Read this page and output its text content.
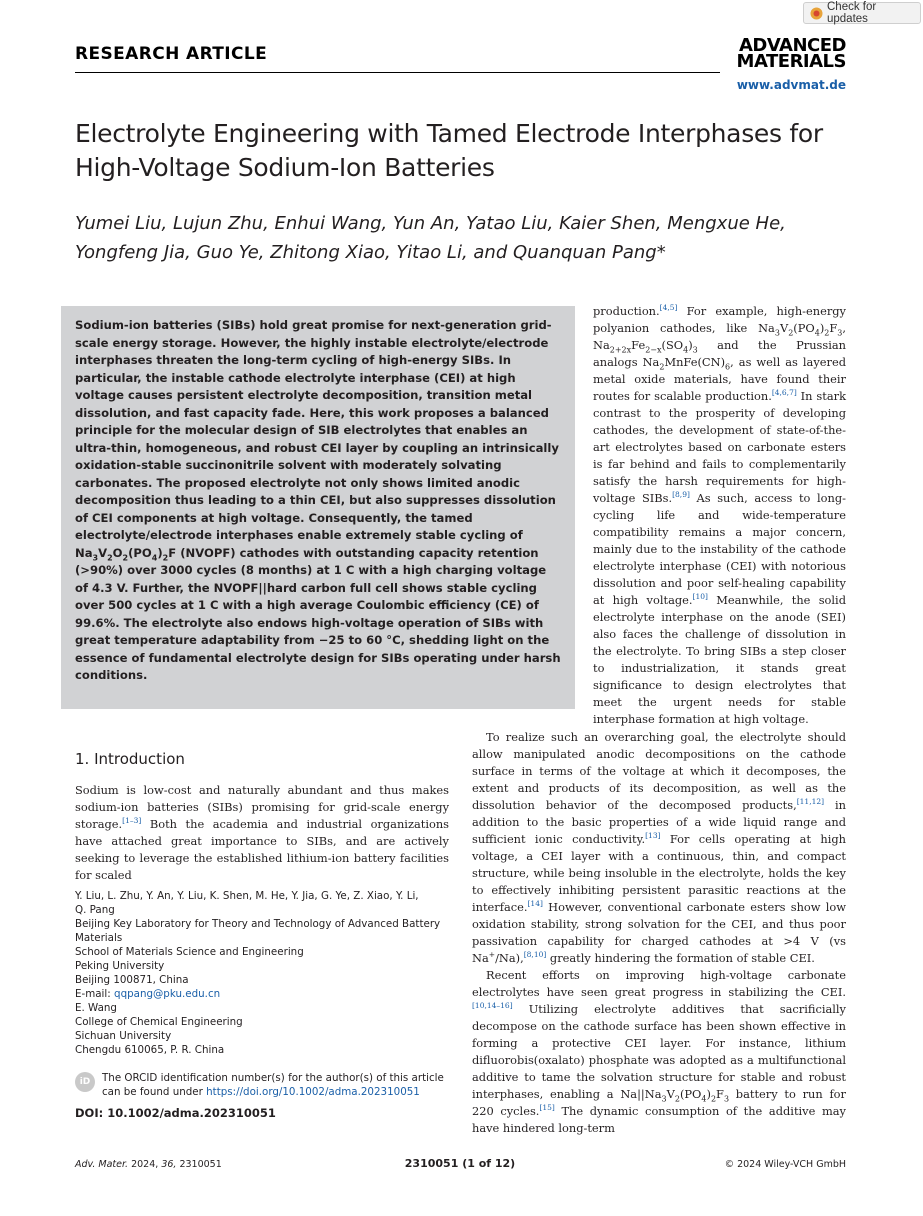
Check for updates
RESEARCH ARTICLE	ADVANCED
MATERIALS
www.advmat.de
Electrolyte Engineering with Tamed Electrode Interphases for High-Voltage Sodium-Ion Batteries
Yumei Liu, Lujun Zhu, Enhui Wang, Yun An, Yatao Liu, Kaier Shen, Mengxue He,
Yongfeng Jia, Guo Ye, Zhitong Xiao, Yitao Li, and Quanquan Pang*
Sodium-ion batteries (SIBs) hold great promise for next-generation grid-scale energy storage. However, the highly instable electrolyte/electrode interphases threaten the long-term cycling of high-energy SIBs. In particular, the instable cathode electrolyte interphase (CEI) at high voltage causes persistent electrolyte decomposition, transition metal dissolution, and fast capacity fade. Here, this work proposes a balanced principle for the molecular design of SIB electrolytes that enables an ultra-thin, homogeneous, and robust CEI layer by coupling an intrinsically oxidation-stable succinonitrile solvent with moderately solvating carbonates. The proposed electrolyte not only shows limited anodic decomposition thus leading to a thin CEI, but also suppresses dissolution of CEI components at high voltage. Consequently, the tamed electrolyte/electrode interphases enable extremely stable cycling of $Na_3V_2O_2(PO_4)_2F$ (NVOPF) cathodes with outstanding capacity retention (>90%) over 3000 cycles (8 months) at 1 C with a high charging voltage of 4.3 V. Further, the NVOPF||hard carbon full cell shows stable cycling over 500 cycles at 1 C with a high average Coulombic efficiency (CE) of 99.6%. The electrolyte also endows high-voltage operation of SIBs with great temperature adaptability from −25 to 60 °C, shedding light on the essence of fundamental electrolyte design for SIBs operating under harsh conditions.
production.[4,5] For example, high-energy polyanion cathodes, like $Na_3V_2(PO_4)_2F_3$, $Na_{2+2x}Fe_{2-x}(SO_4)_3$ and the Prussian analogs $Na_2MnFe(CN)_6$, as well as layered metal oxide materials, have found their routes for scalable production.[4,6,7] In stark contrast to the prosperity of developing cathodes, the development of state-of-the-art electrolytes based on carbonate esters is far behind and fails to complementarily satisfy the harsh requirements for high-voltage SIBs.[8,9] As such, access to long-cycling life and wide-temperature compatibility remains a major concern, mainly due to the instability of the cathode electrolyte interphase (CEI) with notorious dissolution and poor self-healing capability at high voltage.[10] Meanwhile, the solid electrolyte interphase on the anode (SEI) also faces the challenge of dissolution in the electrolyte. To bring SIBs a step closer to industrialization, it stands great significance to design electrolytes that meet the urgent needs for stable interphase formation at high voltage.

To realize such an overarching goal, the electrolyte should allow manipulated anodic decompositions on the cathode surface in terms of the voltage at which it decomposes, the extent and products of its decomposition, as well as the dissolution behavior of the decomposed products,[11,12] in addition to the basic properties of a wide liquid range and sufficient ionic conductivity.[13] For cells operating at high voltage, a CEI layer with a continuous, thin, and compact structure, while being insoluble in the electrolyte, holds the key to effectively inhibiting persistent parasitic reactions at the interface.[14] However, conventional carbonate esters show low oxidation stability, strong solvation for the CEI, and thus poor passivation capability for charged cathodes at >4 V (vs Na+/Na),[8,10] greatly hindering the formation of stable CEI.

Recent efforts on improving high-voltage carbonate electrolytes have seen great progress in stabilizing the CEI.[10,14–16] Utilizing electrolyte additives that sacrificially decompose on the cathode surface has been shown effective in forming a protective CEI layer. For instance, lithium difluorobis(oxalato) phosphate was adopted as a multifunctional additive to tame the solvation structure for stable and robust interphases, enabling a $Na||Na_3V_2(PO_4)_2F_3$ battery to run for 220 cycles.[15] The dynamic consumption of the additive may have hindered long-term

1. Introduction
Sodium is low-cost and naturally abundant and thus makes sodium-ion batteries (SIBs) promising for grid-scale energy storage.[1–3] Both the academia and industrial organizations have attached great importance to SIBs, and are actively seeking to leverage the established lithium-ion battery facilities for scaled
Y. Liu, L. Zhu, Y. An, Y. Liu, K. Shen, M. He, Y. Jia, G. Ye, Z. Xiao, Y. Li,
Q. Pang
Beijing Key Laboratory for Theory and Technology of Advanced Battery
Materials
School of Materials Science and Engineering
Peking University
Beijing 100871, China
E-mail: qqpang@pku.edu.cn
E. Wang
College of Chemical Engineering
Sichuan University
Chengdu 610065, P. R. China
iD	The ORCID identification number(s) for the author(s) of this article
can be found under https://doi.org/10.1002/adma.202310051
DOI: 10.1002/adma.202310051
Adv. Mater. 2024, 36, 2310051	2310051 (1 of 12)	© 2024 Wiley-VCH GmbH
